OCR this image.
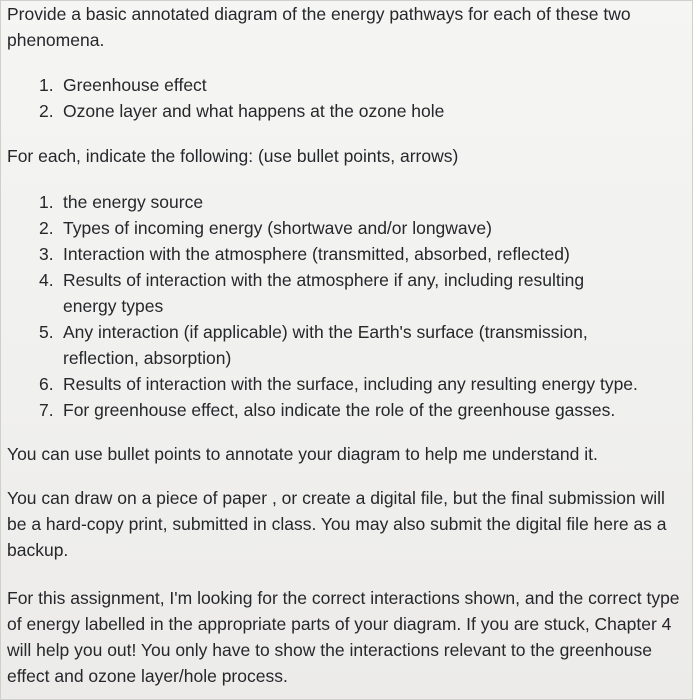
Provide a basic annotated diagram of the energy pathways for each of these two phenomena.

1. Greenhouse effect
2. Ozone layer and what happens at the ozone hole

For each, indicate the following: (use bullet points, arrows)

1. the energy source
2. Types of incoming energy (shortwave and/or longwave)
3. Interaction with the atmosphere (transmitted, absorbed, reflected)
4. Results of interaction with the atmosphere if any, including resulting energy types
5. Any interaction (if applicable) with the Earth's surface (transmission, reflection, absorption)
6. Results of interaction with the surface, including any resulting energy type.
7. For greenhouse effect, also indicate the role of the greenhouse gasses.

You can use bullet points to annotate your diagram to help me understand it.

You can draw on a piece of paper , or create a digital file, but the final submission will be a hard-copy print, submitted in class. You may also submit the digital file here as a backup.

For this assignment, I'm looking for the correct interactions shown, and the correct type of energy labelled in the appropriate parts of your diagram. If you are stuck, Chapter 4 will help you out! You only have to show the interactions relevant to the greenhouse effect and ozone layer/hole process.
